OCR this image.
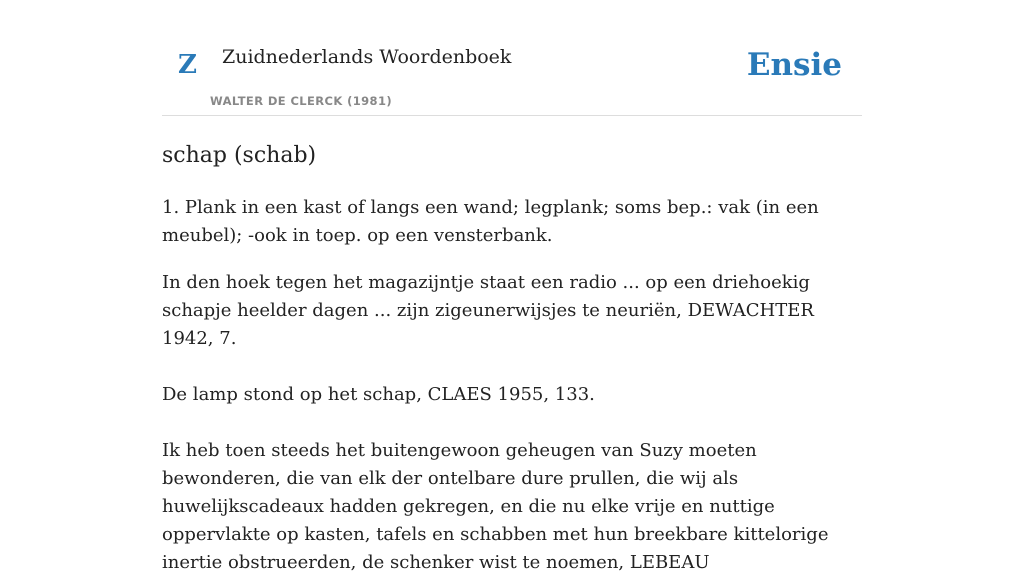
Z Zuidnederlands Woordenboek
WALTER DE CLERCK (1981)
Ensie
schap (schab)

1. Plank in een kast of langs een wand; legplank; soms bep.: vak (in een meubel); -ook in toep. op een vensterbank.

In den hoek tegen het magazijntje staat een radio ... op een driehoekig schapje heelder dagen ... zijn zigeunerwijsjes te neuriën, DEWACHTER 1942, 7.

De lamp stond op het schap, CLAES 1955, 133.

Ik heb toen steeds het buitengewoon geheugen van Suzy moeten bewonderen, die van elk der ontelbare dure prullen, die wij als huwelijkscadeaux hadden gekregen, en die nu elke vrije en nuttige oppervlakte op kasten, tafels en schabben met hun breekbare kittelorige inertie obstrueerden, de schenker wist te noemen, LEBEAU
